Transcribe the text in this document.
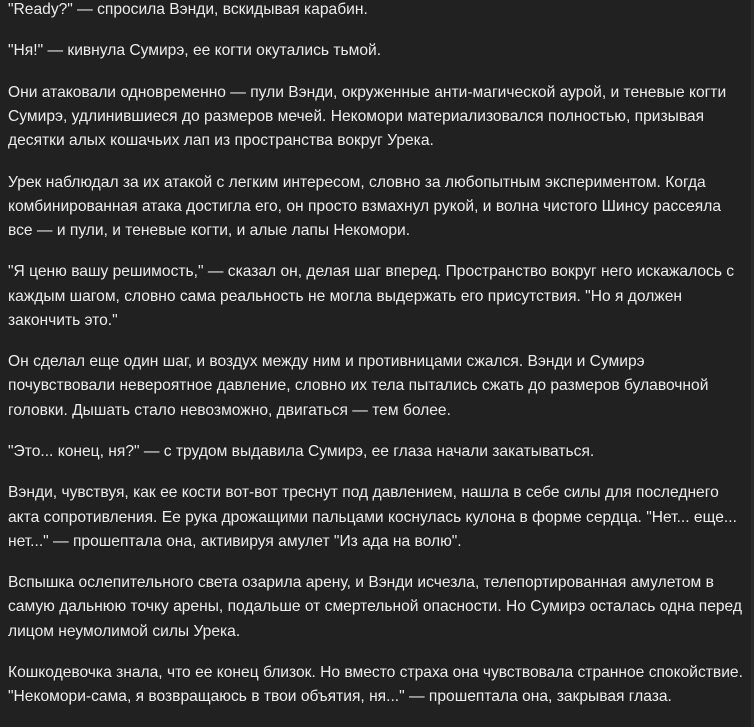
"Ready?" — спросила Вэнди, вскидывая карабин.

"Ня!" — кивнула Сумирэ, ее когти окутались тьмой.

Они атаковали одновременно — пули Вэнди, окруженные анти-магической аурой, и теневые когти Сумирэ, удлинившиеся до размеров мечей. Некомори материализовался полностью, призывая десятки алых кошачьих лап из пространства вокруг Урека.

Урек наблюдал за их атакой с легким интересом, словно за любопытным экспериментом. Когда комбинированная атака достигла его, он просто взмахнул рукой, и волна чистого Шинсу рассеяла все — и пули, и теневые когти, и алые лапы Некомори.

"Я ценю вашу решимость," — сказал он, делая шаг вперед. Пространство вокруг него искажалось с каждым шагом, словно сама реальность не могла выдержать его присутствия. "Но я должен закончить это."

Он сделал еще один шаг, и воздух между ним и противницами сжался. Вэнди и Сумирэ почувствовали невероятное давление, словно их тела пытались сжать до размеров булавочной головки. Дышать стало невозможно, двигаться — тем более.

"Это... конец, ня?" — с трудом выдавила Сумирэ, ее глаза начали закатываться.

Вэнди, чувствуя, как ее кости вот-вот треснут под давлением, нашла в себе силы для последнего акта сопротивления. Ее рука дрожащими пальцами коснулась кулона в форме сердца. "Нет... еще... нет..." — прошептала она, активируя амулет "Из ада на волю".

Вспышка ослепительного света озарила арену, и Вэнди исчезла, телепортированная амулетом в самую дальнюю точку арены, подальше от смертельной опасности. Но Сумирэ осталась одна перед лицом неумолимой силы Урека.

Кошкодевочка знала, что ее конец близок. Но вместо страха она чувствовала странное спокойствие. "Некомори-сама, я возвращаюсь в твои объятия, ня..." — прошептала она, закрывая глаза.
